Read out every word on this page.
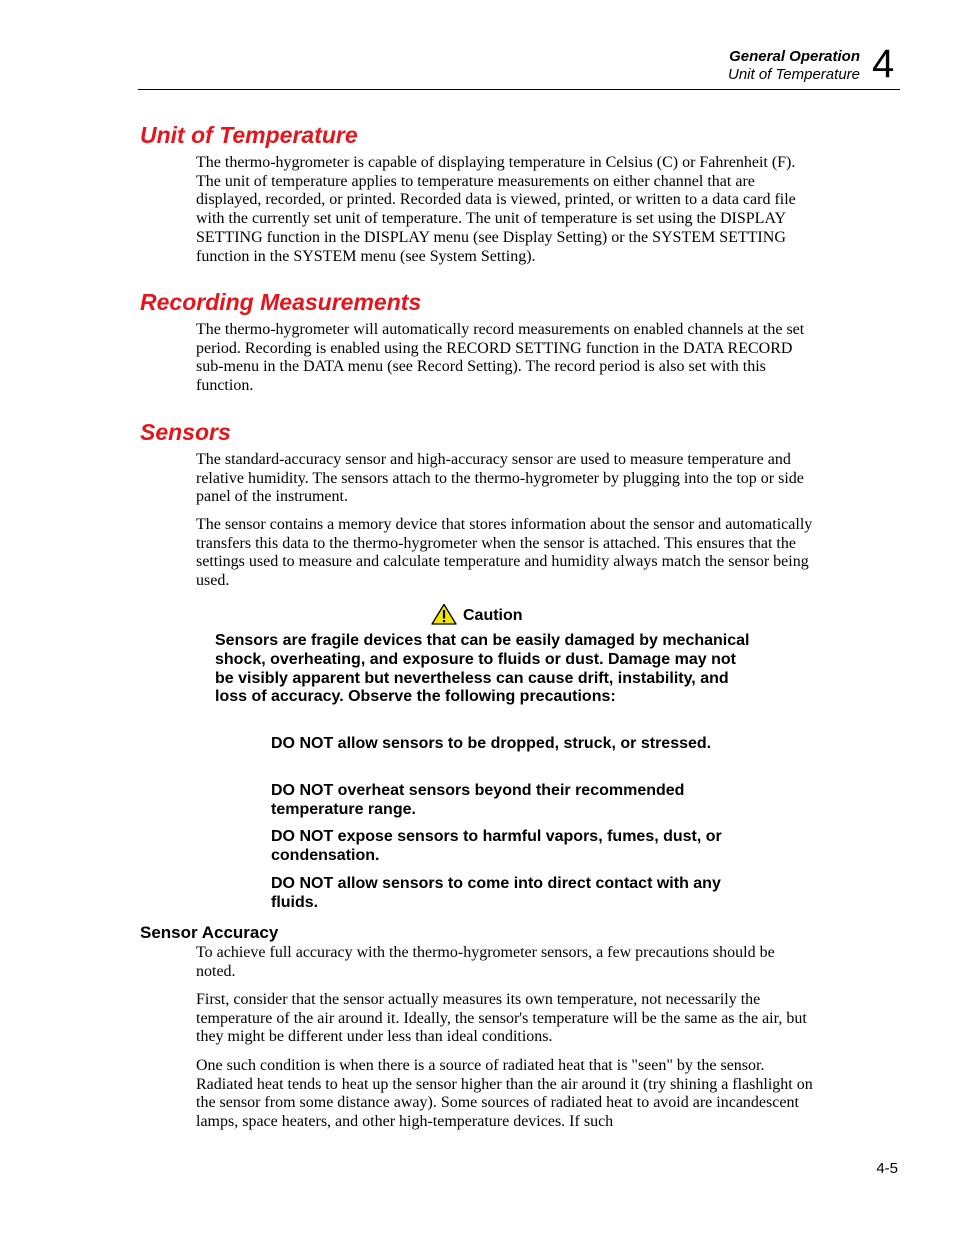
General Operation
Unit of Temperature 4
Unit of Temperature

The thermo-hygrometer is capable of displaying temperature in Celsius (C) or Fahrenheit (F). The unit of temperature applies to temperature measurements on either channel that are displayed, recorded, or printed. Recorded data is viewed, printed, or written to a data card file with the currently set unit of temperature. The unit of temperature is set using the DISPLAY SETTING function in the DISPLAY menu (see Display Setting) or the SYSTEM SETTING function in the SYSTEM menu (see System Setting).

Recording Measurements

The thermo-hygrometer will automatically record measurements on enabled channels at the set period. Recording is enabled using the RECORD SETTING function in the DATA RECORD sub-menu in the DATA menu (see Record Setting). The record period is also set with this function.

Sensors

The standard-accuracy sensor and high-accuracy sensor are used to measure temperature and relative humidity. The sensors attach to the thermo-hygrometer by plugging into the top or side panel of the instrument.

The sensor contains a memory device that stores information about the sensor and automatically transfers this data to the thermo-hygrometer when the sensor is attached. This ensures that the settings used to measure and calculate temperature and humidity always match the sensor being used.

Caution

Sensors are fragile devices that can be easily damaged by mechanical shock, overheating, and exposure to fluids or dust. Damage may not be visibly apparent but nevertheless can cause drift, instability, and loss of accuracy. Observe the following precautions:

DO NOT allow sensors to be dropped, struck, or stressed.

DO NOT overheat sensors beyond their recommended temperature range.

DO NOT expose sensors to harmful vapors, fumes, dust, or condensation.

DO NOT allow sensors to come into direct contact with any fluids.

Sensor Accuracy

To achieve full accuracy with the thermo-hygrometer sensors, a few precautions should be noted.

First, consider that the sensor actually measures its own temperature, not necessarily the temperature of the air around it. Ideally, the sensor's temperature will be the same as the air, but they might be different under less than ideal conditions.

One such condition is when there is a source of radiated heat that is "seen" by the sensor. Radiated heat tends to heat up the sensor higher than the air around it (try shining a flashlight on the sensor from some distance away). Some sources of radiated heat to avoid are incandescent lamps, space heaters, and other high-temperature devices. If such

4-5
